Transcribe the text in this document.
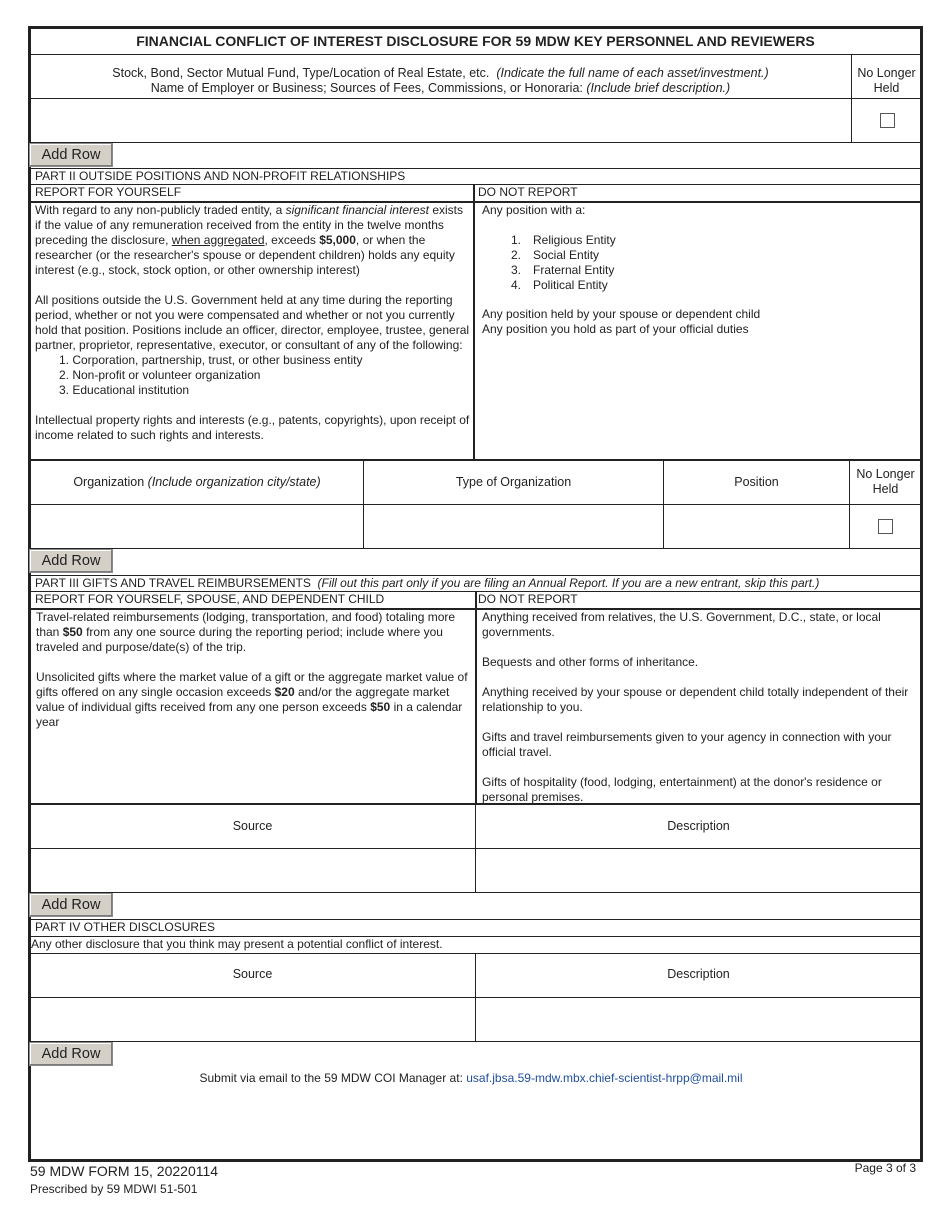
FINANCIAL CONFLICT OF INTEREST DISCLOSURE FOR 59 MDW KEY PERSONNEL AND REVIEWERS
Stock, Bond, Sector Mutual Fund, Type/Location of Real Estate, etc. (Indicate the full name of each asset/investment.)
Name of Employer or Business; Sources of Fees, Commissions, or Honoraria: (Include brief description.)
No Longer
Held
Add Row
PART II OUTSIDE POSITIONS AND NON-PROFIT RELATIONSHIPS
REPORT FOR YOURSELF	DO NOT REPORT
With regard to any non-publicly traded entity, a significant financial interest exists if the value of any remuneration received from the entity in the twelve months preceding the disclosure, when aggregated, exceeds $5,000, or when the researcher (or the researcher's spouse or dependent children) holds any equity interest (e.g., stock, stock option, or other ownership interest)
All positions outside the U.S. Government held at any time during the reporting period, whether or not you were compensated and whether or not you currently hold that position. Positions include an officer, director, employee, trustee, general partner, proprietor, representative, executor, or consultant of any of the following:
1. Corporation, partnership, trust, or other business entity
2. Non-profit or volunteer organization
3. Educational institution
Intellectual property rights and interests (e.g., patents, copyrights), upon receipt of income related to such rights and interests.
Any position with a:
1. Religious Entity
2. Social Entity
3. Fraternal Entity
4. Political Entity
Any position held by your spouse or dependent child
Any position you hold as part of your official duties
Organization (Include organization city/state)	Type of Organization	Position
No Longer
Held
Add Row
PART III GIFTS AND TRAVEL REIMBURSEMENTS (Fill out this part only if you are filing an Annual Report. If you are a new entrant, skip this part.)
REPORT FOR YOURSELF, SPOUSE, AND DEPENDENT CHILD	DO NOT REPORT
Travel-related reimbursements (lodging, transportation, and food) totaling more than $50 from any one source during the reporting period; include where you traveled and purpose/date(s) of the trip.
Unsolicited gifts where the market value of a gift or the aggregate market value of gifts offered on any single occasion exceeds $20 and/or the aggregate market value of individual gifts received from any one person exceeds $50 in a calendar year
Anything received from relatives, the U.S. Government, D.C., state, or local governments.
Bequests and other forms of inheritance.
Anything received by your spouse or dependent child totally independent of their relationship to you.
Gifts and travel reimbursements given to your agency in connection with your official travel.
Gifts of hospitality (food, lodging, entertainment) at the donor's residence or personal premises.
Source	Description
Add Row
PART IV OTHER DISCLOSURES
Any other disclosure that you think may present a potential conflict of interest.
Source	Description
Add Row
Submit via email to the 59 MDW COI Manager at: usaf.jbsa.59-mdw.mbx.chief-scientist-hrpp@mail.mil
59 MDW FORM 15, 20220114
Prescribed by 59 MDWI 51-501
Page 3 of 3
